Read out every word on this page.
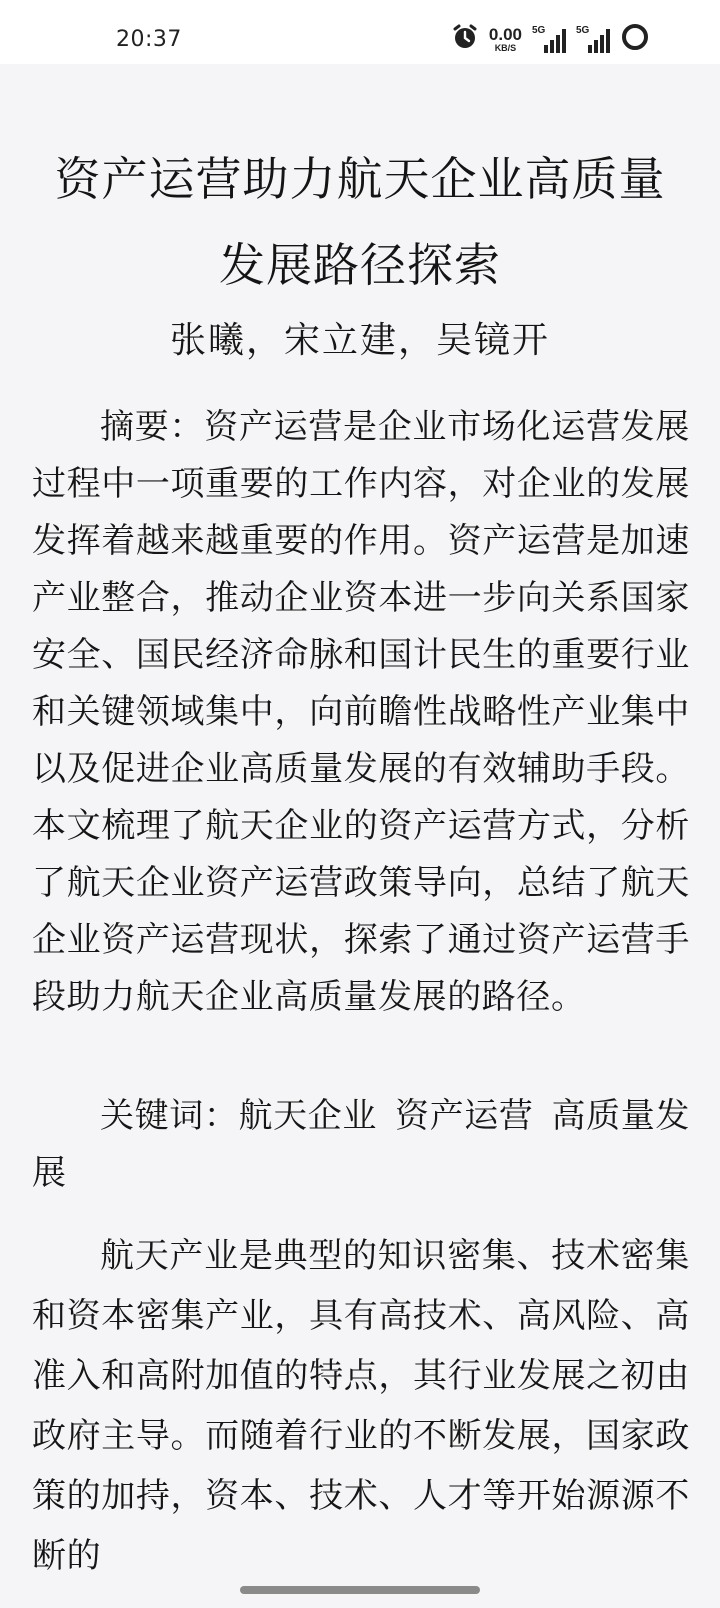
20:37	0.00
KB/S
5G	5G
资产运营助力航天企业高质量
发展路径探索
张曦，宋立建，吴镜开

摘要：资产运营是企业市场化运营发展过程中一项重要的工作内容，对企业的发展发挥着越来越重要的作用。资产运营是加速产业整合，推动企业资本进一步向关系国家安全、国民经济命脉和国计民生的重要行业和关键领域集中，向前瞻性战略性产业集中以及促进企业高质量发展的有效辅助手段。本文梳理了航天企业的资产运营方式，分析了航天企业资产运营政策导向，总结了航天企业资产运营现状，探索了通过资产运营手段助力航天企业高质量发展的路径。

关键词：航天企业 资产运营 高质量发展

航天产业是典型的知识密集、技术密集和资本密集产业，具有高技术、高风险、高准入和高附加值的特点，其行业发展之初由政府主导。而随着行业的不断发展，国家政策的加持，资本、技术、人才等开始源源不断的
